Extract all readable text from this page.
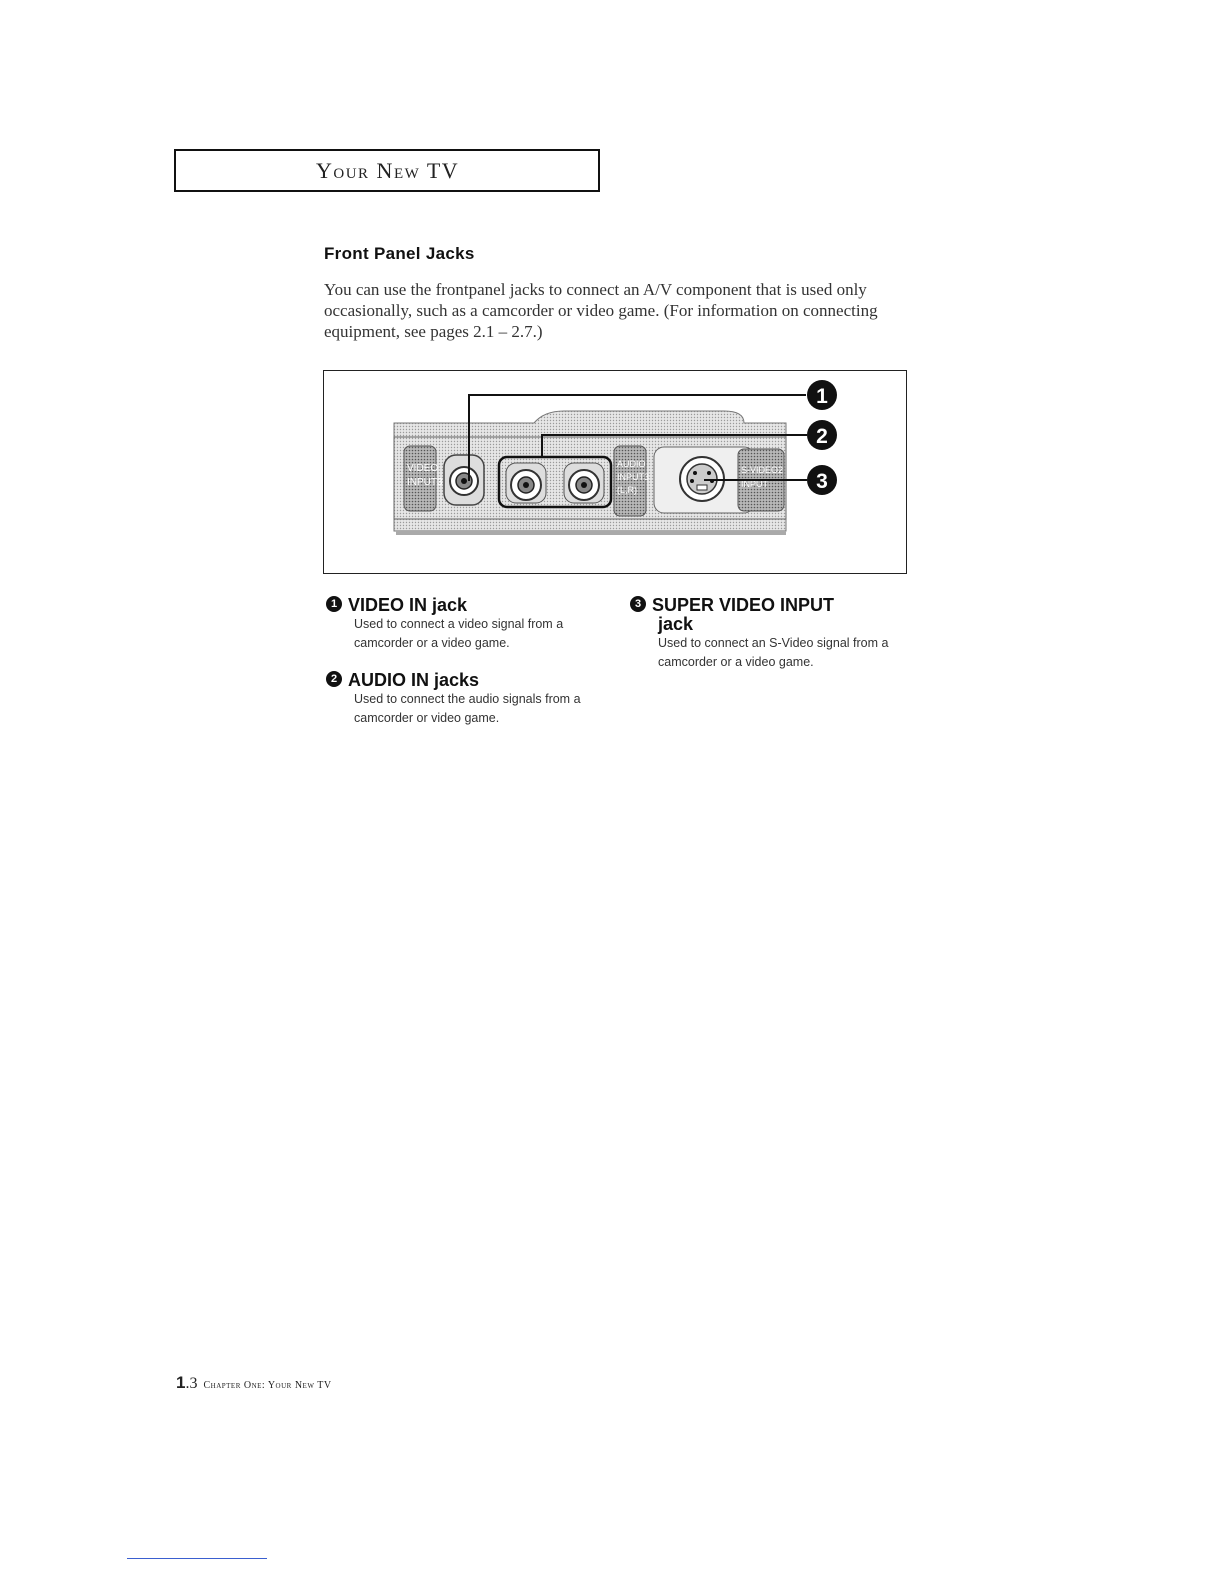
Your New TV
Front Panel Jacks
You can use the frontpanel jacks to connect an A/V component that is used only occasionally, such as a camcorder or video game. (For information on connecting equipment, see pages 2.1 – 2.7.)
VIDEO
INPUT3
AUDIO
INPUT3
(L,R)
S-VIDEO2
INPUT
1
2
3
1 VIDEO IN jack
Used to connect a video signal from a camcorder or a video game.
2 AUDIO IN jacks
Used to connect the audio signals from a camcorder or video game.
3 SUPER VIDEO INPUT
jack
Used to connect an S-Video signal from a camcorder or a video game.
1.3 Chapter One: Your New TV
